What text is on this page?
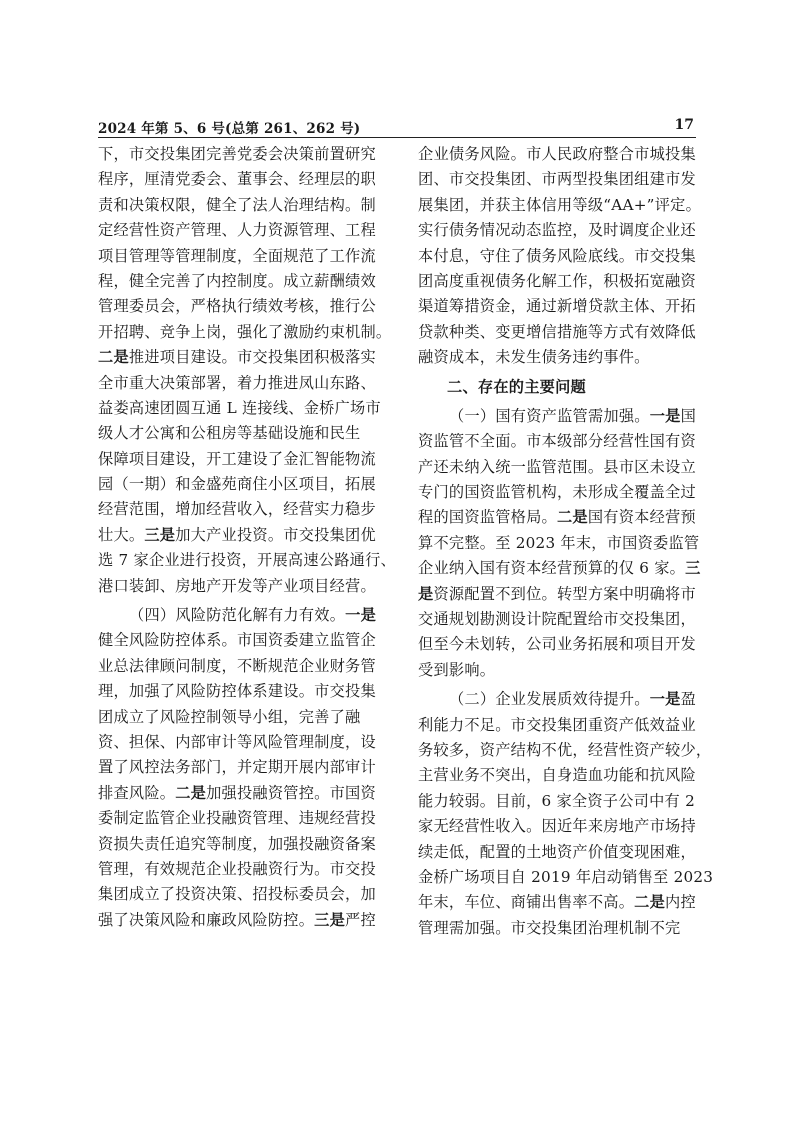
2024 年第 5、6 号(总第 261、262 号)	17
下，市交投集团完善党委会决策前置研究
程序，厘清党委会、董事会、经理层的职
责和决策权限，健全了法人治理结构。制
定经营性资产管理、人力资源管理、工程
项目管理等管理制度，全面规范了工作流
程，健全完善了内控制度。成立薪酬绩效
管理委员会，严格执行绩效考核，推行公
开招聘、竞争上岗，强化了激励约束机制。
二是推进项目建设。市交投集团积极落实
全市重大决策部署，着力推进凤山东路、
益娄高速团圆互通 L 连接线、金桥广场市
级人才公寓和公租房等基础设施和民生
保障项目建设，开工建设了金汇智能物流
园（一期）和金盛苑商住小区项目，拓展
经营范围，增加经营收入，经营实力稳步
壮大。三是加大产业投资。市交投集团优
选 7 家企业进行投资，开展高速公路通行、
港口装卸、房地产开发等产业项目经营。
（四）风险防范化解有力有效。一是
健全风险防控体系。市国资委建立监管企
业总法律顾问制度，不断规范企业财务管
理，加强了风险防控体系建设。市交投集
团成立了风险控制领导小组，完善了融
资、担保、内部审计等风险管理制度，设
置了风控法务部门，并定期开展内部审计
排查风险。二是加强投融资管控。市国资
委制定监管企业投融资管理、违规经营投
资损失责任追究等制度，加强投融资备案
管理，有效规范企业投融资行为。市交投
集团成立了投资决策、招投标委员会，加
强了决策风险和廉政风险防控。三是严控
企业债务风险。市人民政府整合市城投集
团、市交投集团、市两型投集团组建市发
展集团，并获主体信用等级“AA+”评定。
实行债务情况动态监控，及时调度企业还
本付息，守住了债务风险底线。市交投集
团高度重视债务化解工作，积极拓宽融资
渠道筹措资金，通过新增贷款主体、开拓
贷款种类、变更增信措施等方式有效降低
融资成本，未发生债务违约事件。
二、存在的主要问题
（一）国有资产监管需加强。一是国
资监管不全面。市本级部分经营性国有资
产还未纳入统一监管范围。县市区未设立
专门的国资监管机构，未形成全覆盖全过
程的国资监管格局。二是国有资本经营预
算不完整。至 2023 年末，市国资委监管
企业纳入国有资本经营预算的仅 6 家。三
是资源配置不到位。转型方案中明确将市
交通规划勘测设计院配置给市交投集团，
但至今未划转，公司业务拓展和项目开发
受到影响。
（二）企业发展质效待提升。一是盈
利能力不足。市交投集团重资产低效益业
务较多，资产结构不优，经营性资产较少，
主营业务不突出，自身造血功能和抗风险
能力较弱。目前，6 家全资子公司中有 2
家无经营性收入。因近年来房地产市场持
续走低，配置的土地资产价值变现困难，
金桥广场项目自 2019 年启动销售至 2023
年末，车位、商铺出售率不高。二是内控
管理需加强。市交投集团治理机制不完
